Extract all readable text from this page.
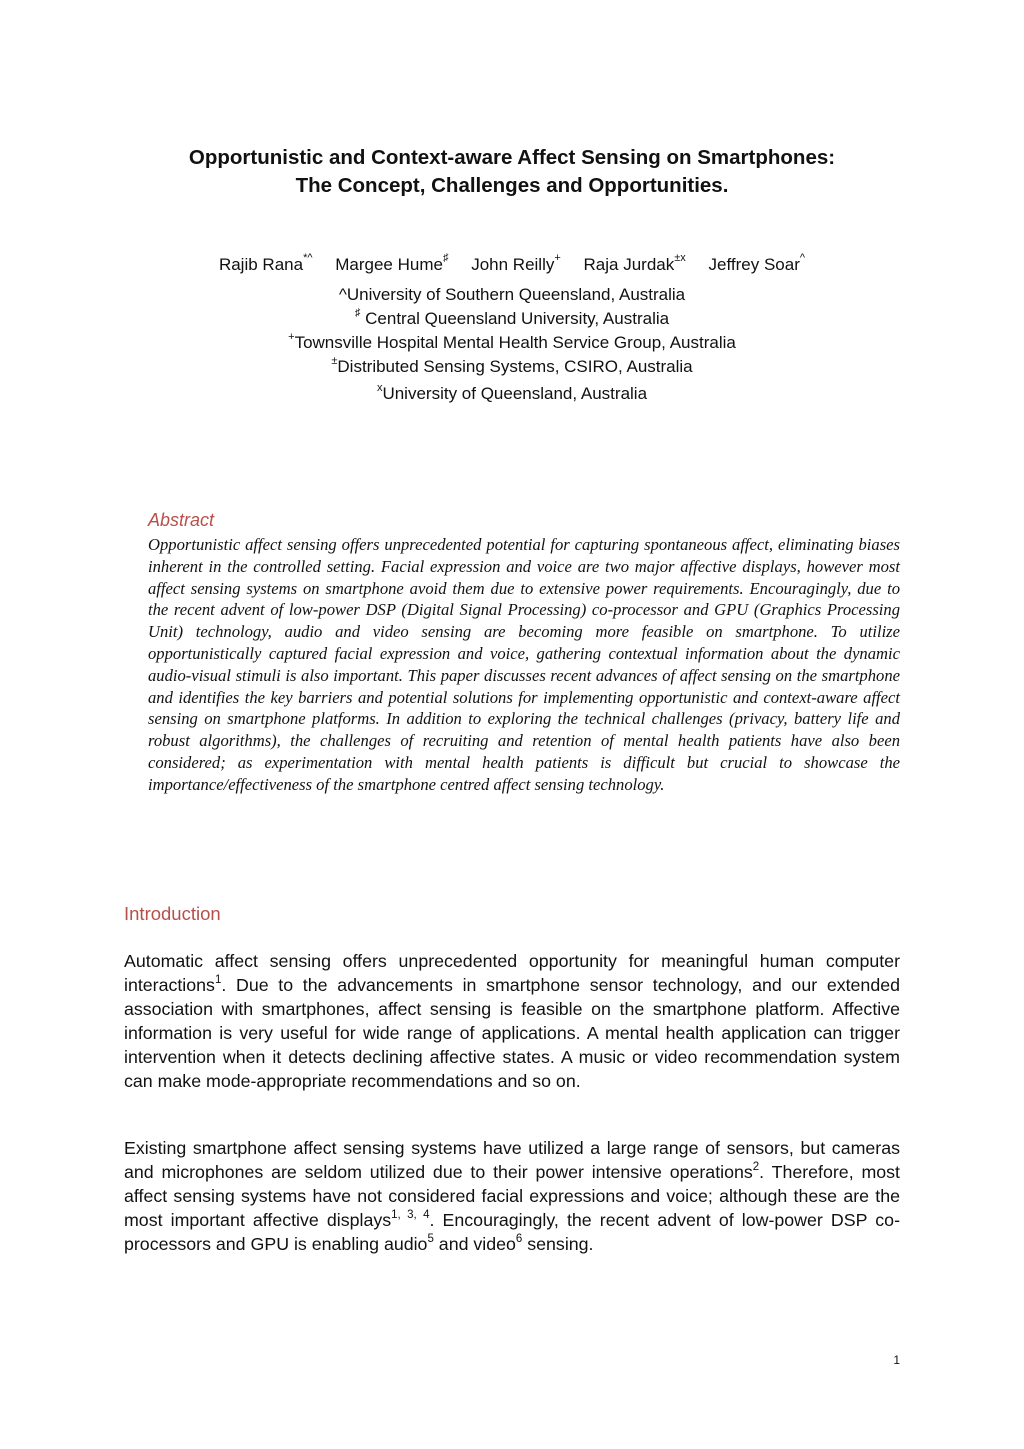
Opportunistic and Context-aware Affect Sensing on Smartphones:
The Concept, Challenges and Opportunities.
Rajib Rana*^ Margee Hume♯ John Reilly+ Raja Jurdak$^{\pm x}$ Jeffrey Soar^
^University of Southern Queensland, Australia
♯ Central Queensland University, Australia
+Townsville Hospital Mental Health Service Group, Australia
±Distributed Sensing Systems, CSIRO, Australia
$^x$University of Queensland, Australia
Abstract

Opportunistic affect sensing offers unprecedented potential for capturing spontaneous affect, eliminating biases inherent in the controlled setting. Facial expression and voice are two major affective displays, however most affect sensing systems on smartphone avoid them due to extensive power requirements. Encouragingly, due to the recent advent of low-power DSP (Digital Signal Processing) co-processor and GPU (Graphics Processing Unit) technology, audio and video sensing are becoming more feasible on smartphone. To utilize opportunistically captured facial expression and voice, gathering contextual information about the dynamic audio-visual stimuli is also important. This paper discusses recent advances of affect sensing on the smartphone and identifies the key barriers and potential solutions for implementing opportunistic and context-aware affect sensing on smartphone platforms. In addition to exploring the technical challenges (privacy, battery life and robust algorithms), the challenges of recruiting and retention of mental health patients have also been considered; as experimentation with mental health patients is difficult but crucial to showcase the importance/effectiveness of the smartphone centred affect sensing technology.

Introduction

Automatic affect sensing offers unprecedented opportunity for meaningful human computer interactions$^1$. Due to the advancements in smartphone sensor technology, and our extended association with smartphones, affect sensing is feasible on the smartphone platform. Affective information is very useful for wide range of applications. A mental health application can trigger intervention when it detects declining affective states. A music or video recommendation system can make mode-appropriate recommendations and so on.

Existing smartphone affect sensing systems have utilized a large range of sensors, but cameras and microphones are seldom utilized due to their power intensive operations$^2$. Therefore, most affect sensing systems have not considered facial expressions and voice; although these are the most important affective displays$^{1, 3, 4}$. Encouragingly, the recent advent of low-power DSP co-processors and GPU is enabling audio$^5$ and video$^6$ sensing.

1
